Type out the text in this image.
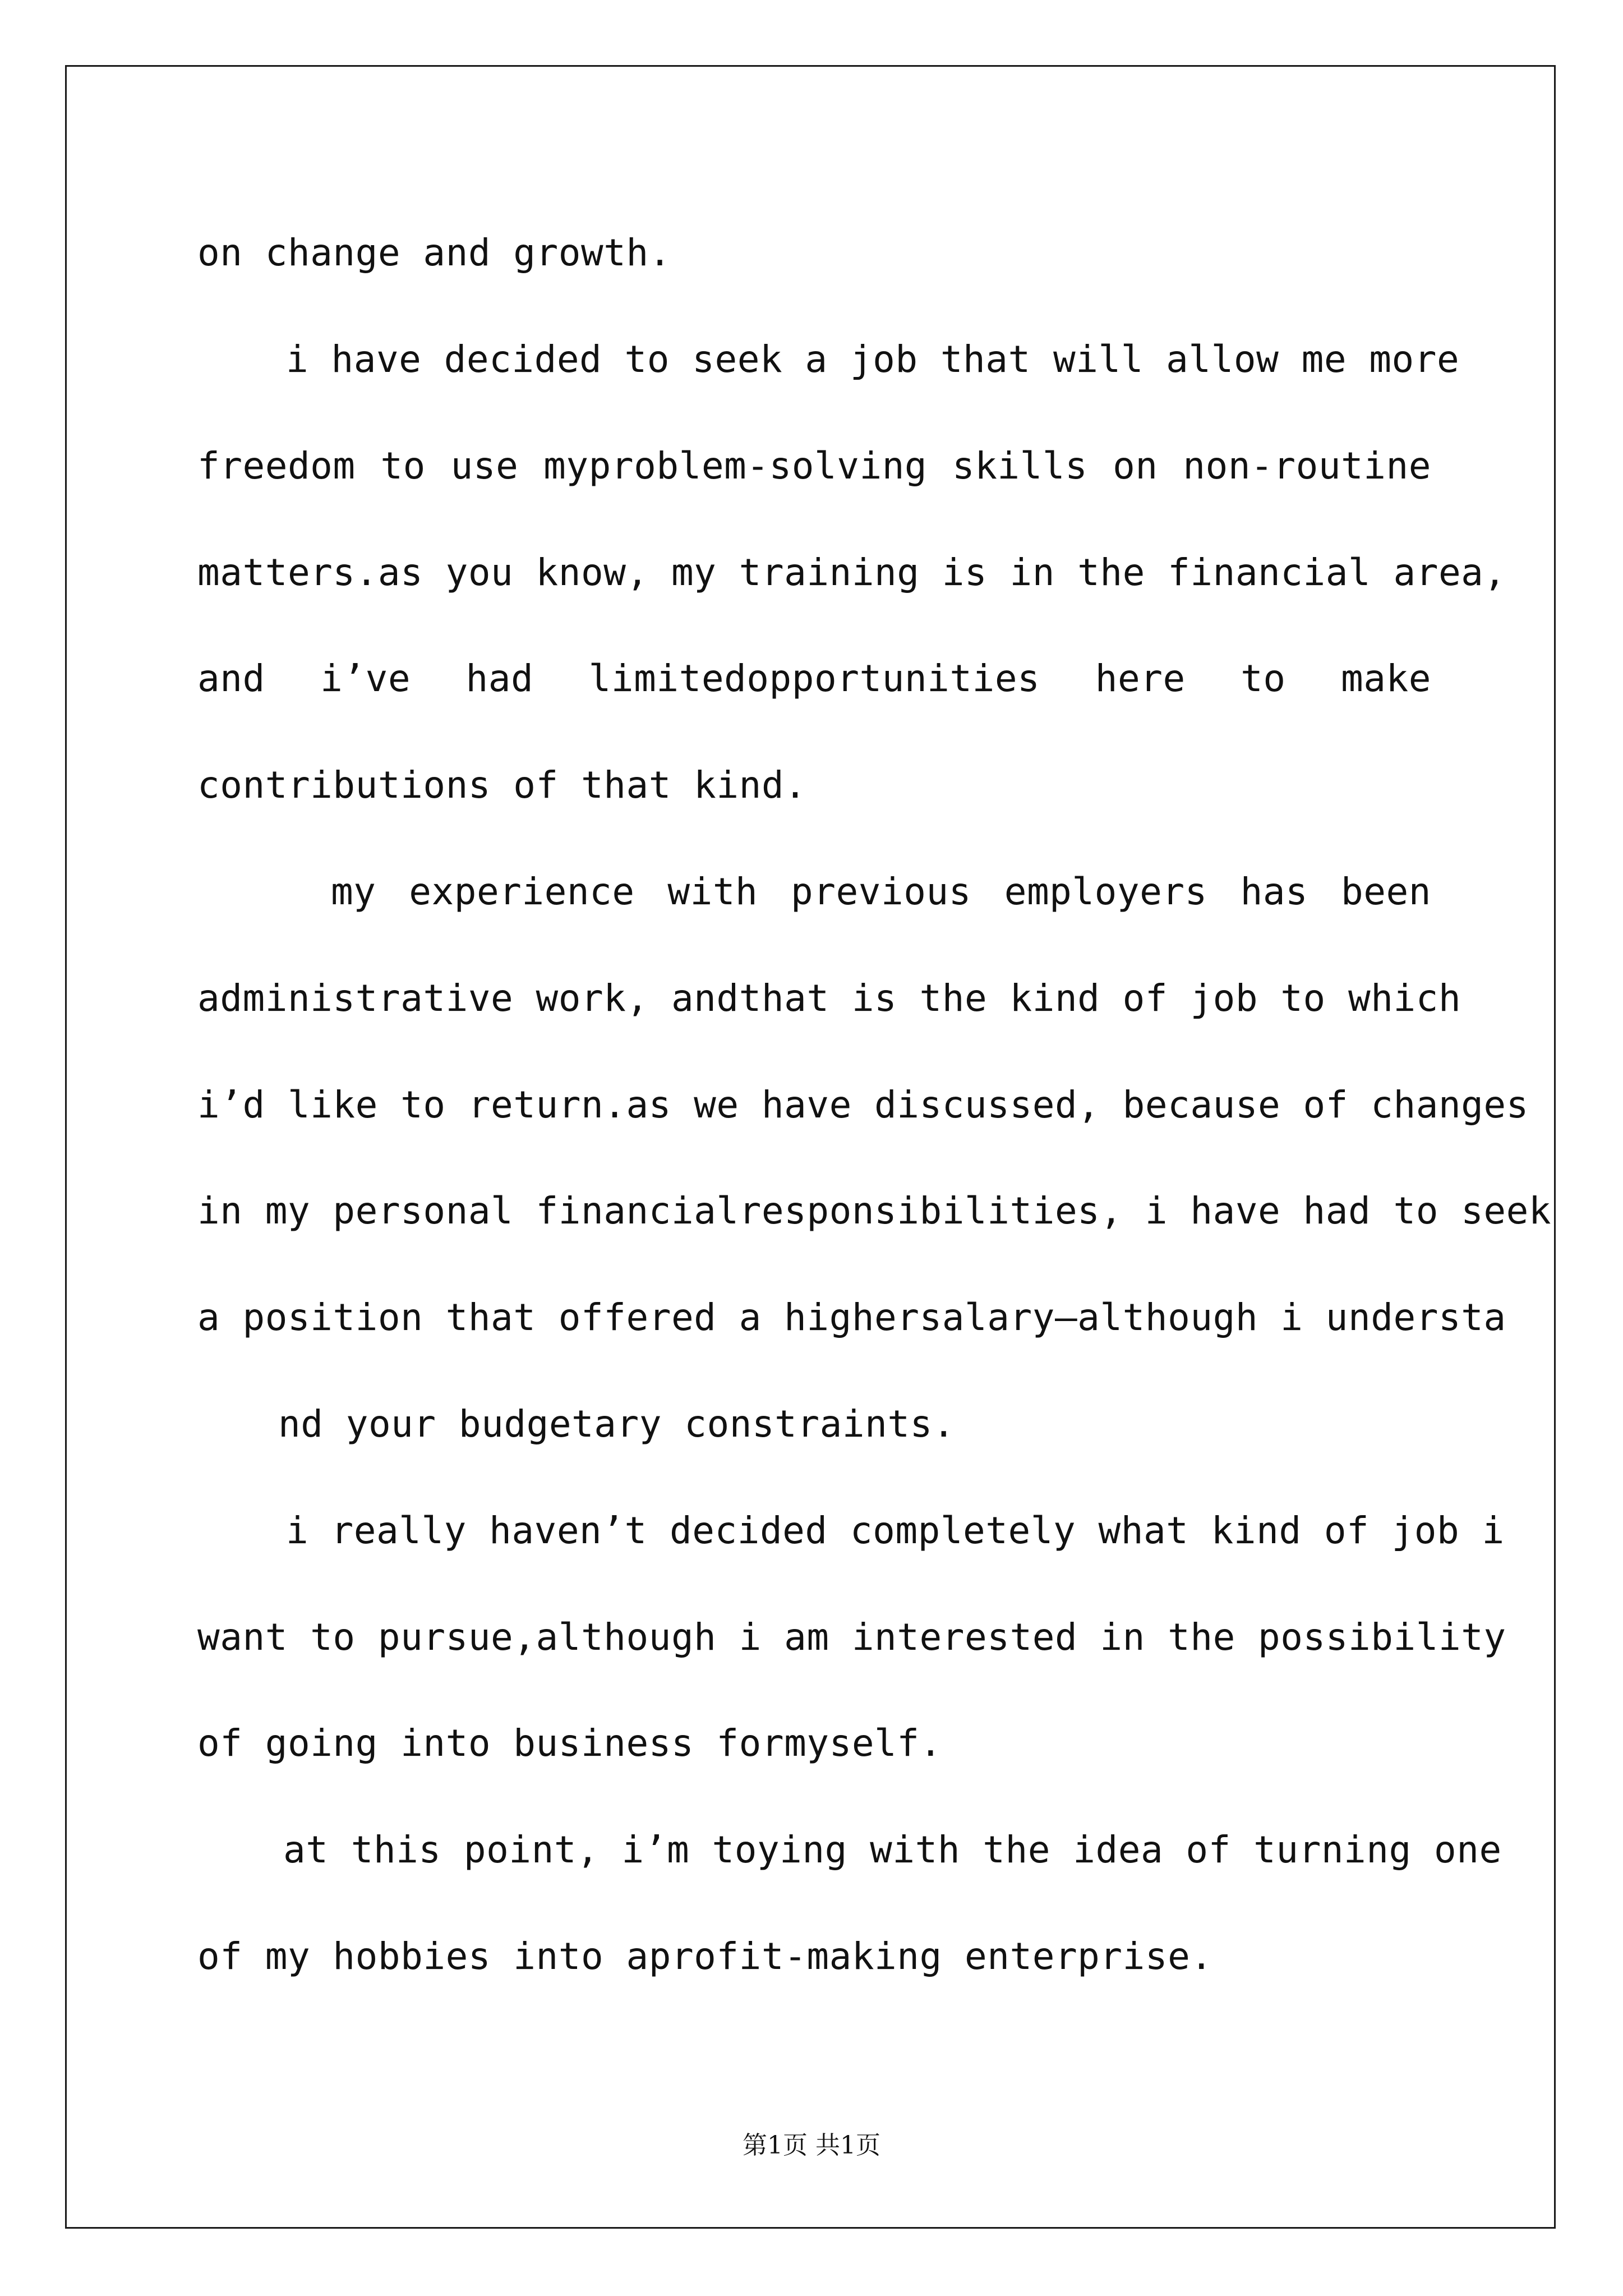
on change and growth.
i have decided to seek a job that will allow me more
freedom to use myproblem-solving skills on non-routine
matters.as you know, my training is in the financial area,
and i’ve had limitedopportunities here to make
contributions of that kind.
my experience with previous employers has been
administrative work, andthat is the kind of job to which
i’d like to return.as we have discussed, because of changes
in my personal financialresponsibilities, i have had to seek
a position that offered a highersalary–although i understa
nd your budgetary constraints.
i really haven’t decided completely what kind of job i
want to pursue,although i am interested in the possibility
of going into business formyself.
at this point, i’m toying with the idea of turning one
of my hobbies into aprofit-making enterprise.
第1页 共1页
